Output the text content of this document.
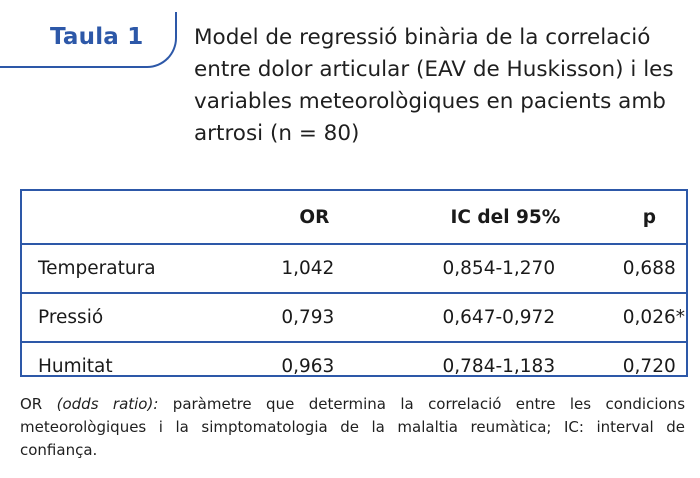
Taula 1 Model de regressió binària de la correlació entre dolor articular (EAV de Huskisson) i les variables meteorològiques en pacients amb artrosi (n = 80)
	OR	IC del 95%	p
Temperatura	1,042	0,854-1,270	0,688
Pressió	0,793	0,647-0,972	0,026*
Humitat	0,963	0,784-1,183	0,720
OR (odds ratio): paràmetre que determina la correlació entre les condicions meteorològiques i la simptomatologia de la malaltia reumàtica; IC: interval de confiança.
